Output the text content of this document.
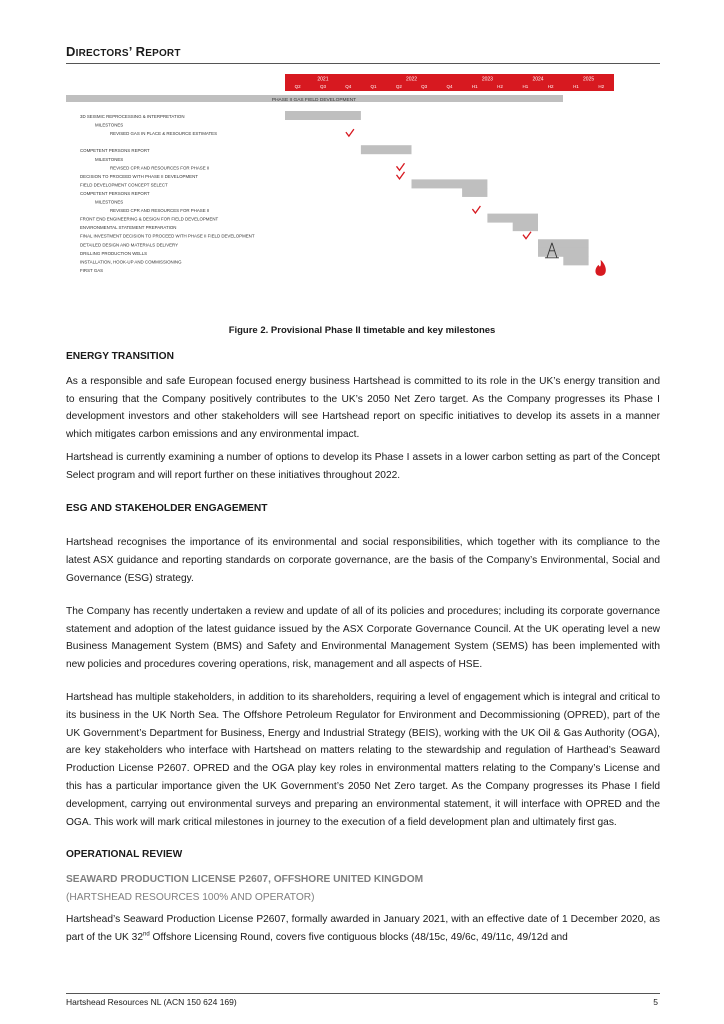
DIRECTORS’ REPORT
2021	2022	2023	2024	2025
Q2	Q3	Q4	Q1	Q2	Q3	Q4	H1	H2	H1	H2	H1	H2
PHASE II GAS FIELD DEVELOPMENT
3D SEISMIC REPROCESSING & INTERPRETATION
MILESTONES
REVISED GAS IN PLACE & RESOURCE ESTIMATES
COMPETENT PERSONS REPORT
MILESTONES
REVISED CPR AND RESOURCES FOR PHASE II
DECISION TO PROCEED WITH PHASE II DEVELOPMENT
FIELD DEVELOPMENT CONCEPT SELECT
COMPETENT PERSONS REPORT
MILESTONES
REVISED CPR AND RESOURCES FOR PHASE II
FRONT END ENGINEERING & DESIGN FOR FIELD DEVELOPMENT
ENVIRONMENTAL STATEMENT PREPARATION
FINAL INVESTMENT DECISION TO PROCEED WITH PHASE II FIELD DEVELOPMENT
DETAILED DESIGN AND MATERIALS DELIVERY
DRILLING PRODUCTION WELLS
INSTALLATION, HOOK-UP AND COMMISSIONING
FIRST GAS
Figure 2. Provisional Phase II timetable and key milestones
ENERGY TRANSITION

As a responsible and safe European focused energy business Hartshead is committed to its role in the UK’s energy transition and to ensuring that the Company positively contributes to the UK’s 2050 Net Zero target. As the Company progresses its Phase I development investors and other stakeholders will see Hartshead report on specific initiatives to develop its assets in a manner which mitigates carbon emissions and any environmental impact.

Hartshead is currently examining a number of options to develop its Phase I assets in a lower carbon setting as part of the Concept Select program and will report further on these initiatives throughout 2022.

ESG AND STAKEHOLDER ENGAGEMENT

Hartshead recognises the importance of its environmental and social responsibilities, which together with its compliance to the latest ASX guidance and reporting standards on corporate governance, are the basis of the Company’s Environmental, Social and Governance (ESG) strategy.

The Company has recently undertaken a review and update of all of its policies and procedures; including its corporate governance statement and adoption of the latest guidance issued by the ASX Corporate Governance Council. At the UK operating level a new Business Management System (BMS) and Safety and Environmental Management System (SEMS) has been implemented with new policies and procedures covering operations, risk, management and all aspects of HSE.

Hartshead has multiple stakeholders, in addition to its shareholders, requiring a level of engagement which is integral and critical to its business in the UK North Sea. The Offshore Petroleum Regulator for Environment and Decommissioning (OPRED), part of the UK Government’s Department for Business, Energy and Industrial Strategy (BEIS), working with the UK Oil & Gas Authority (OGA), are key stakeholders who interface with Hartshead on matters relating to the stewardship and regulation of Harthead’s Seaward Production License P2607. OPRED and the OGA play key roles in environmental matters relating to the Company’s License and this has a particular importance given the UK Government’s 2050 Net Zero target. As the Company progresses its Phase I field development, carrying out environmental surveys and preparing an environmental statement, it will interface with OPRED and the OGA. This work will mark critical milestones in journey to the execution of a field development plan and ultimately first gas.

OPERATIONAL REVIEW

SEAWARD PRODUCTION LICENSE P2607, OFFSHORE UNITED KINGDOM

(HARTSHEAD RESOURCES 100% AND OPERATOR)

Hartshead’s Seaward Production License P2607, formally awarded in January 2021, with an effective date of 1 December 2020, as part of the UK 32nd Offshore Licensing Round, covers five contiguous blocks (48/15c, 49/6c, 49/11c, 49/12d and

Hartshead Resources NL (ACN 150 624 169)	5
